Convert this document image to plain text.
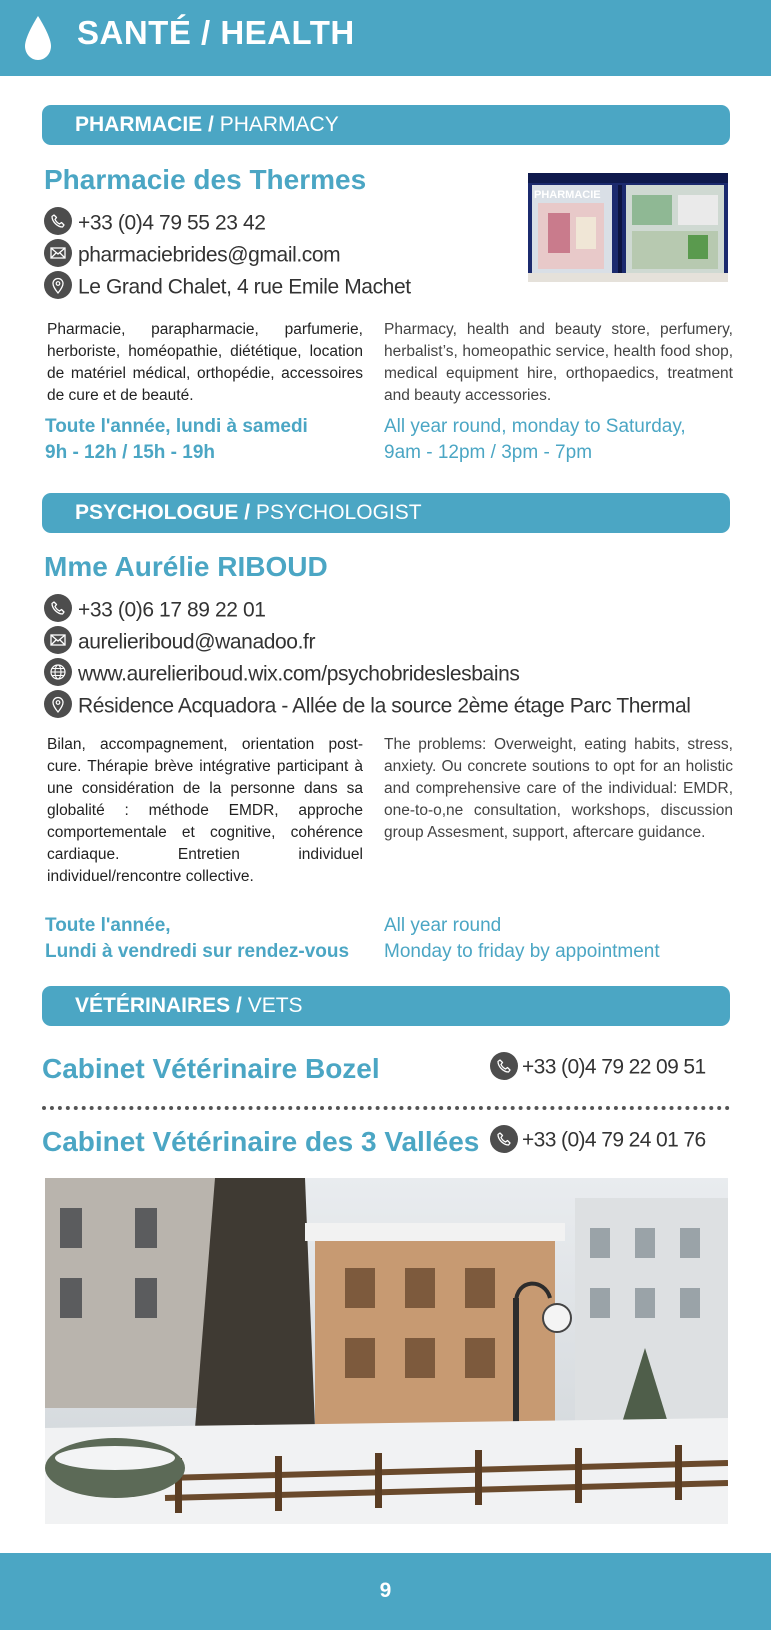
SANTÉ / HEALTH
PHARMACIE / PHARMACY
Pharmacie des Thermes
+33 (0)4 79 55 23 42
pharmaciebrides@gmail.com
Le Grand Chalet, 4 rue Emile Machet
PHARMACIE
Pharmacie, parapharmacie, parfumerie, herboriste, homéopathie, diététique, location de matériel médical, orthopédie, accessoires de cure et de beauté.
Pharmacy, health and beauty store, perfumery, herbalist’s, homeopathic service, health food shop, medical equipment hire, orthopaedics, treatment and beauty accessories.
Toute l'année, lundi à samedi
9h - 12h / 15h - 19h
All year round, monday to Saturday,
9am - 12pm / 3pm - 7pm
PSYCHOLOGUE / PSYCHOLOGIST
Mme Aurélie RIBOUD
+33 (0)6 17 89 22 01
aurelieriboud@wanadoo.fr
www.aurelieriboud.wix.com/psychobrideslesbains
Résidence Acquadora - Allée de la source 2ème étage Parc Thermal
Bilan, accompagnement, orientation post-cure. Thérapie brève intégrative participant à une considération de la personne dans sa globalité : méthode EMDR, approche comportementale et cognitive, cohérence cardiaque. Entretien individuel individuel/rencontre collective.
The problems: Overweight, eating habits, stress, anxiety. Ou concrete soutions to opt for an holistic and comprehensive care of the individual: EMDR, one-to-o,ne consultation, workshops, discussion group Assesment, support, aftercare guidance.
Toute l'année,
Lundi à vendredi sur rendez-vous
All year round
Monday to friday by appointment
VÉTÉRINAIRES / VETS
Cabinet Vétérinaire Bozel	+33 (0)4 79 22 09 51
Cabinet Vétérinaire des 3 Vallées	+33 (0)4 79 24 01 76
9
